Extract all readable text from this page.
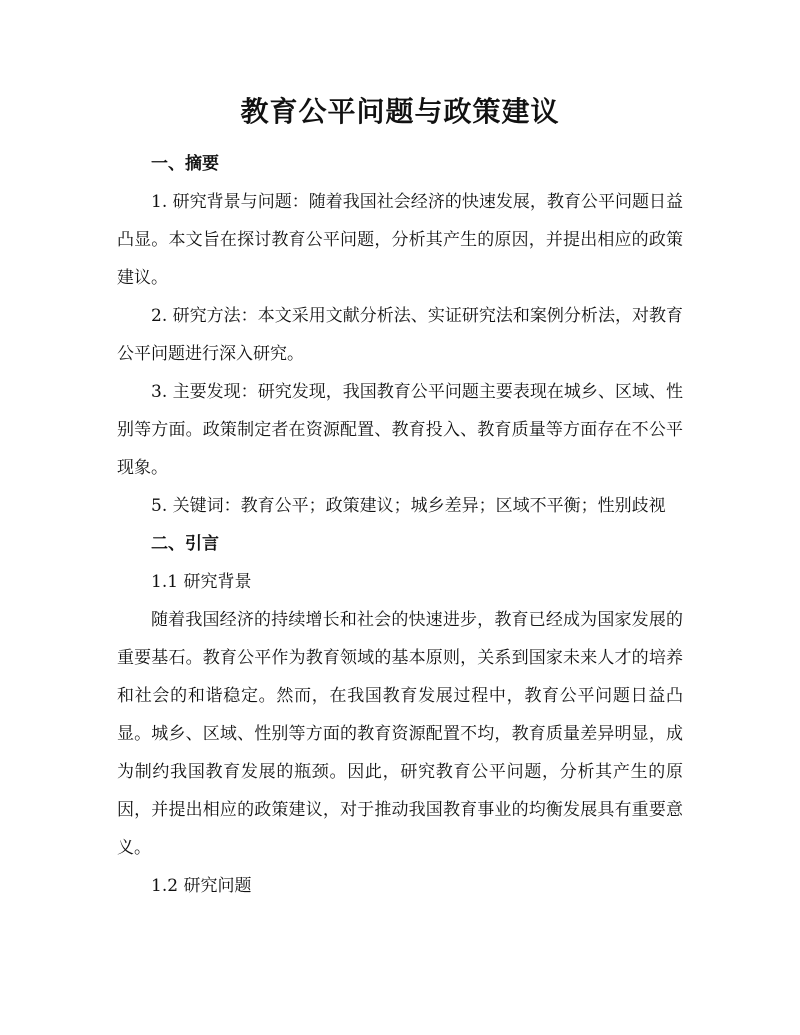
教育公平问题与政策建议

一、摘要

1. 研究背景与问题：随着我国社会经济的快速发展，教育公平问题日益凸显。本文旨在探讨教育公平问题，分析其产生的原因，并提出相应的政策建议。

2. 研究方法：本文采用文献分析法、实证研究法和案例分析法，对教育公平问题进行深入研究。

3. 主要发现：研究发现，我国教育公平问题主要表现在城乡、区域、性别等方面。政策制定者在资源配置、教育投入、教育质量等方面存在不公平现象。

5. 关键词：教育公平；政策建议；城乡差异；区域不平衡；性别歧视

二、引言

1.1 研究背景

随着我国经济的持续增长和社会的快速进步，教育已经成为国家发展的重要基石。教育公平作为教育领域的基本原则，关系到国家未来人才的培养和社会的和谐稳定。然而，在我国教育发展过程中，教育公平问题日益凸显。城乡、区域、性别等方面的教育资源配置不均，教育质量差异明显，成为制约我国教育发展的瓶颈。因此，研究教育公平问题，分析其产生的原因，并提出相应的政策建议，对于推动我国教育事业的均衡发展具有重要意义。

1.2 研究问题
